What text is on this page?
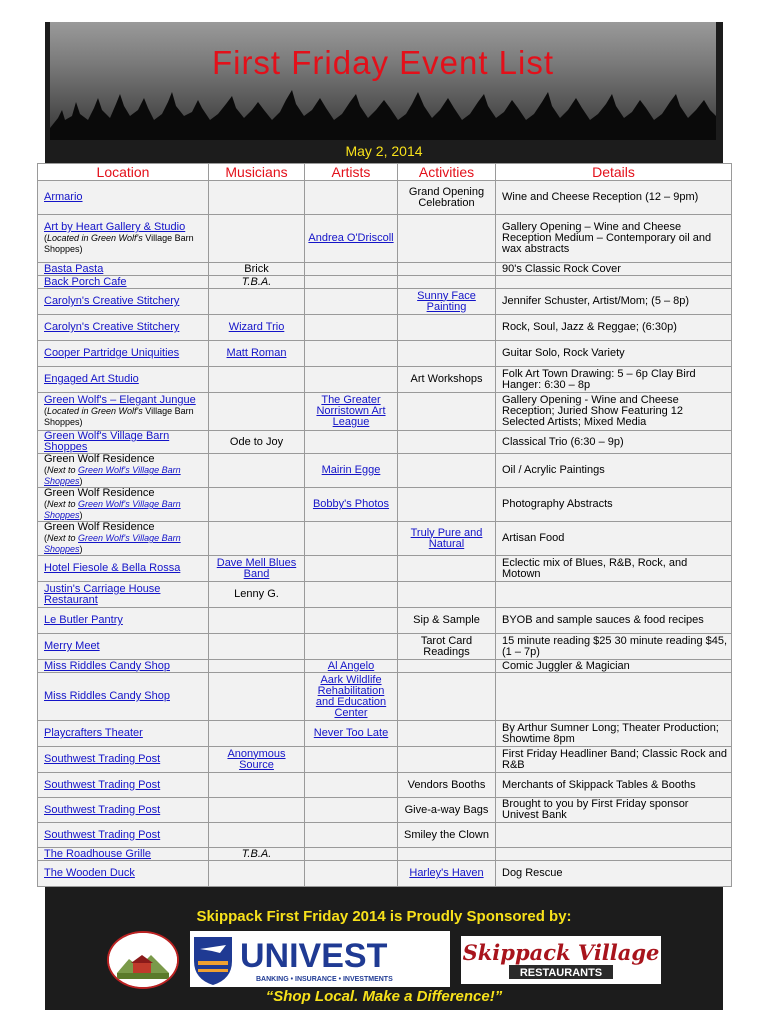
First Friday Event List
May 2, 2014
Location	Musicians	Artists	Activities	Details
Armario			Grand Opening Celebration	Wine and Cheese Reception (12 – 9pm)
Art by Heart Gallery & Studio
(Located in Green Wolf's Village Barn Shoppes)		Andrea O'Driscoll		Gallery Opening – Wine and Cheese Reception Medium – Contemporary oil and wax abstracts
Basta Pasta	Brick			90's Classic Rock Cover
Back Porch Cafe	T.B.A.			
Carolyn's Creative Stitchery			Sunny Face Painting	Jennifer Schuster, Artist/Mom; (5 – 8p)
Carolyn's Creative Stitchery	Wizard Trio			Rock, Soul, Jazz & Reggae; (6:30p)
Cooper Partridge Uniquities	Matt Roman			Guitar Solo, Rock Variety
Engaged Art Studio			Art Workshops	Folk Art Town Drawing: 5 – 6p Clay Bird Hanger: 6:30 – 8p
Green Wolf's – Elegant Jungue
(Located in Green Wolf's Village Barn Shoppes)		The Greater Norristown Art League		Gallery Opening - Wine and Cheese Reception; Juried Show Featuring 12 Selected Artists; Mixed Media
Green Wolf's Village Barn Shoppes	Ode to Joy			Classical Trio (6:30 – 9p)
Green Wolf Residence
(Next to Green Wolf's Village Barn Shoppes)		Mairin Egge		Oil / Acrylic Paintings
Green Wolf Residence
(Next to Green Wolf's Village Barn Shoppes)		Bobby's Photos		Photography Abstracts
Green Wolf Residence
(Next to Green Wolf's Village Barn Shoppes)			Truly Pure and Natural	Artisan Food
Hotel Fiesole & Bella Rossa	Dave Mell Blues Band			Eclectic mix of Blues, R&B, Rock, and Motown
Justin's Carriage House Restaurant	Lenny G.			
Le Butler Pantry			Sip & Sample	BYOB and sample sauces & food recipes
Merry Meet			Tarot Card Readings	15 minute reading $25 30 minute reading $45, (1 – 7p)
Miss Riddles Candy Shop		Al Angelo		Comic Juggler & Magician
Miss Riddles Candy Shop		Aark Wildlife Rehabilitation and Education Center		
Playcrafters Theater		Never Too Late		By Arthur Sumner Long; Theater Production; Showtime 8pm
Southwest Trading Post	Anonymous Source			First Friday Headliner Band; Classic Rock and R&B
Southwest Trading Post			Vendors Booths	Merchants of Skippack Tables & Booths
Southwest Trading Post			Give-a-way Bags	Brought to you by First Friday sponsor Univest Bank
Southwest Trading Post			Smiley the Clown	
The Roadhouse Grille	T.B.A.			
The Wooden Duck			Harley's Haven	Dog Rescue
Skippack First Friday 2014 is Proudly Sponsored by:
UNIVEST
BANKING • INSURANCE • INVESTMENTS
Skippack Village
RESTAURANTS
“Shop Local. Make a Difference!”
